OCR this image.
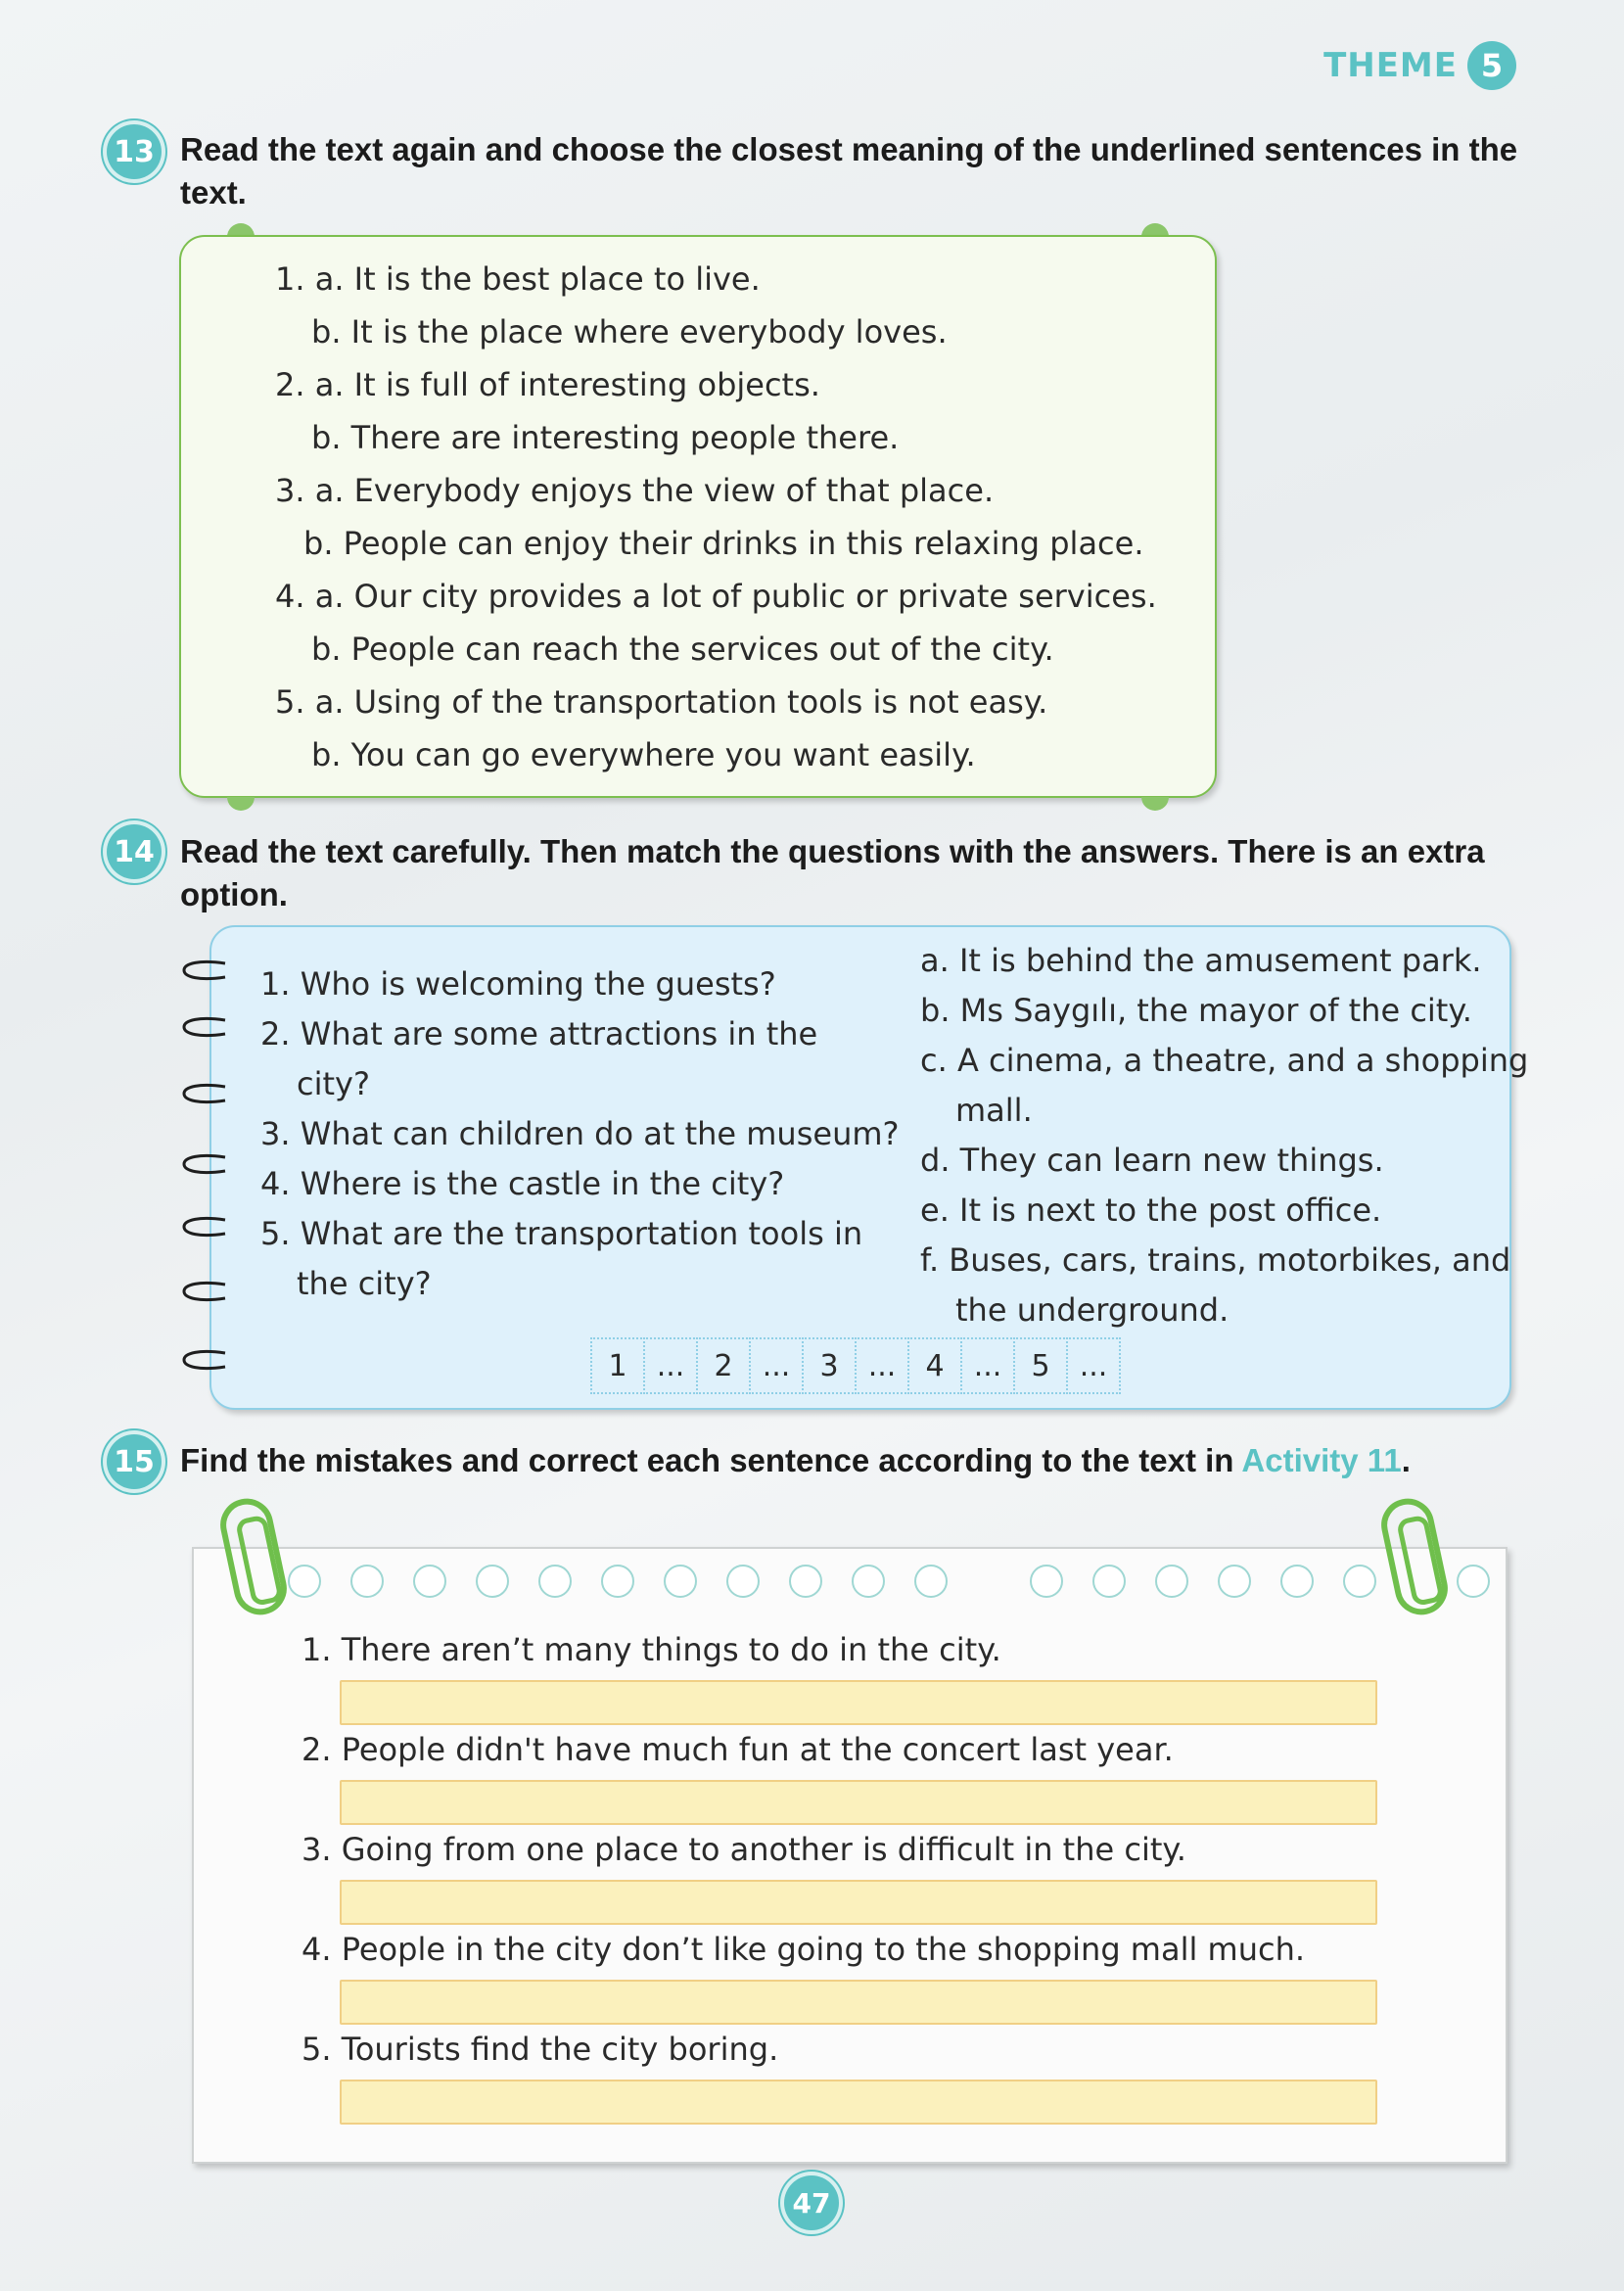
THEME 5
13 Read the text again and choose the closest meaning of the underlined sentences in the text.
1. a. It is the best place to live.
b. It is the place where everybody loves.
2. a. It is full of interesting objects.
b. There are interesting people there.
3. a. Everybody enjoys the view of that place.
b. People can enjoy their drinks in this relaxing place.
4. a. Our city provides a lot of public or private services.
b. People can reach the services out of the city.
5. a. Using of the transportation tools is not easy.
b. You can go everywhere you want easily.
14 Read the text carefully. Then match the questions with the answers. There is an extra option.
1. Who is welcoming the guests?
2. What are some attractions in the
city?
3. What can children do at the museum?
4. Where is the castle in the city?
5. What are the transportation tools in
the city?
a. It is behind the amusement park.
b. Ms Saygılı, the mayor of the city.
c. A cinema, a theatre, and a shopping
mall.
d. They can learn new things.
e. It is next to the post office.
f. Buses, cars, trains, motorbikes, and
the underground.
1	...	2	...	3	...	4	...	5	...
15 Find the mistakes and correct each sentence according to the text in Activity 11.
1. There aren’t many things to do in the city.
2. People didn't have much fun at the concert last year.
3. Going from one place to another is difficult in the city.
4. People in the city don’t like going to the shopping mall much.
5. Tourists find the city boring.
47
